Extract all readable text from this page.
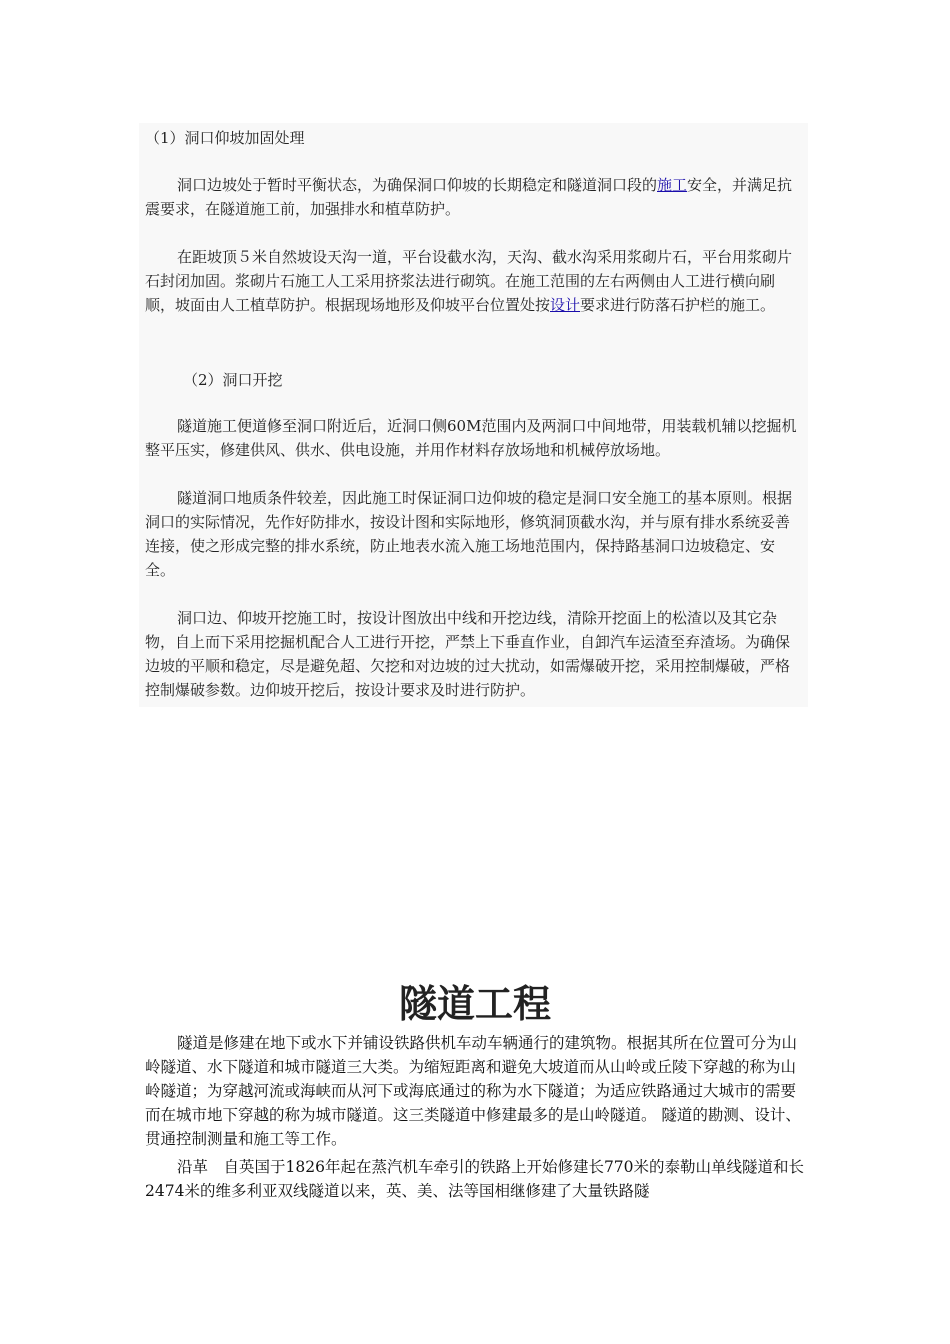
（1）洞口仰坡加固处理

洞口边坡处于暂时平衡状态，为确保洞口仰坡的长期稳定和隧道洞口段的施工安全，并满足抗震要求，在隧道施工前，加强排水和植草防护。

在距坡顶５米自然坡设天沟一道，平台设截水沟，天沟、截水沟采用浆砌片石，平台用浆砌片石封闭加固。浆砌片石施工人工采用挤浆法进行砌筑。在施工范围的左右两侧由人工进行横向刷顺，坡面由人工植草防护。根据现场地形及仰坡平台位置处按设计要求进行防落石护栏的施工。

（2）洞口开挖

隧道施工便道修至洞口附近后，近洞口侧60M范围内及两洞口中间地带，用装载机辅以挖掘机整平压实，修建供风、供水、供电设施，并用作材料存放场地和机械停放场地。

隧道洞口地质条件较差，因此施工时保证洞口边仰坡的稳定是洞口安全施工的基本原则。根据洞口的实际情况，先作好防排水，按设计图和实际地形，修筑洞顶截水沟，并与原有排水系统妥善连接，使之形成完整的排水系统，防止地表水流入施工场地范围内，保持路基洞口边坡稳定、安全。

洞口边、仰坡开挖施工时，按设计图放出中线和开挖边线，清除开挖面上的松渣以及其它杂物，自上而下采用挖掘机配合人工进行开挖，严禁上下垂直作业，自卸汽车运渣至弃渣场。为确保边坡的平顺和稳定，尽是避免超、欠挖和对边坡的过大扰动，如需爆破开挖，采用控制爆破，严格控制爆破参数。边仰坡开挖后，按设计要求及时进行防护。

隧道工程

隧道是修建在地下或水下并铺设铁路供机车动车辆通行的建筑物。根据其所在位置可分为山岭隧道、水下隧道和城市隧道三大类。为缩短距离和避免大坡道而从山岭或丘陵下穿越的称为山岭隧道；为穿越河流或海峡而从河下或海底通过的称为水下隧道；为适应铁路通过大城市的需要而在城市地下穿越的称为城市隧道。这三类隧道中修建最多的是山岭隧道。 隧道的勘测、设计、贯通控制测量和施工等工作。

沿革　自英国于1826年起在蒸汽机车牵引的铁路上开始修建长770米的泰勒山单线隧道和长 2474米的维多利亚双线隧道以来，英、美、法等国相继修建了大量铁路隧
